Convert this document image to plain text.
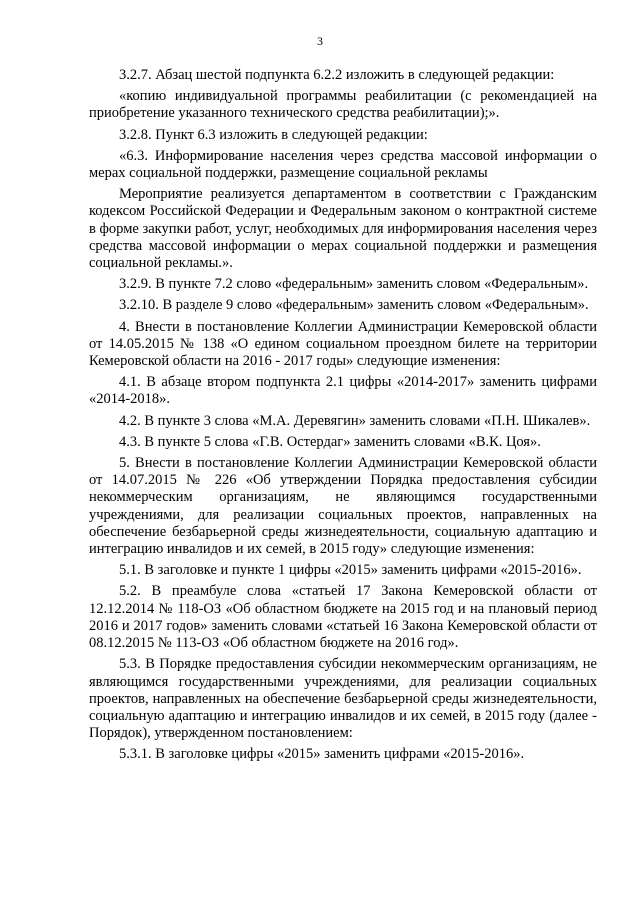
3

3.2.7. Абзац шестой подпункта 6.2.2 изложить в следующей редакции:

«копию индивидуальной программы реабилитации (с рекомендацией на приобретение указанного технического средства реабилитации);».

3.2.8. Пункт 6.3 изложить в следующей редакции:

«6.3. Информирование населения через средства массовой информации о мерах социальной поддержки, размещение социальной рекламы

Мероприятие реализуется департаментом в соответствии с Гражданским кодексом Российской Федерации и Федеральным законом о контрактной системе в форме закупки работ, услуг, необходимых для информирования населения через средства массовой информации о мерах социальной поддержки и размещения социальной рекламы.».

3.2.9. В пункте 7.2 слово «федеральным» заменить словом «Федеральным».

3.2.10. В разделе 9 слово «федеральным» заменить словом «Федеральным».

4. Внести в постановление Коллегии Администрации Кемеровской области от 14.05.2015 № 138 «О едином социальном проездном билете на территории Кемеровской области на 2016 - 2017 годы» следующие изменения:

4.1. В абзаце втором подпункта 2.1 цифры «2014-2017» заменить цифрами «2014-2018».

4.2. В пункте 3 слова «М.А. Деревягин» заменить словами «П.Н. Шикалев».

4.3. В пункте 5 слова «Г.В. Остердаг» заменить словами «В.К. Цоя».

5. Внести в постановление Коллегии Администрации Кемеровской области от 14.07.2015 № 226 «Об утверждении Порядка предоставления субсидии некоммерческим организациям, не являющимся государственными учреждениями, для реализации социальных проектов, направленных на обеспечение безбарьерной среды жизнедеятельности, социальную адаптацию и интеграцию инвалидов и их семей, в 2015 году» следующие изменения:

5.1. В заголовке и пункте 1 цифры «2015» заменить цифрами «2015-2016».

5.2. В преамбуле слова «статьей 17 Закона Кемеровской области от 12.12.2014 № 118-ОЗ «Об областном бюджете на 2015 год и на плановый период 2016 и 2017 годов» заменить словами «статьей 16 Закона Кемеровской области от 08.12.2015 № 113-ОЗ «Об областном бюджете на 2016 год».

5.3. В Порядке предоставления субсидии некоммерческим организациям, не являющимся государственными учреждениями, для реализации социальных проектов, направленных на обеспечение безбарьерной среды жизнедеятельности, социальную адаптацию и интеграцию инвалидов и их семей, в 2015 году (далее - Порядок), утвержденном постановлением:

5.3.1. В заголовке цифры «2015» заменить цифрами «2015-2016».
